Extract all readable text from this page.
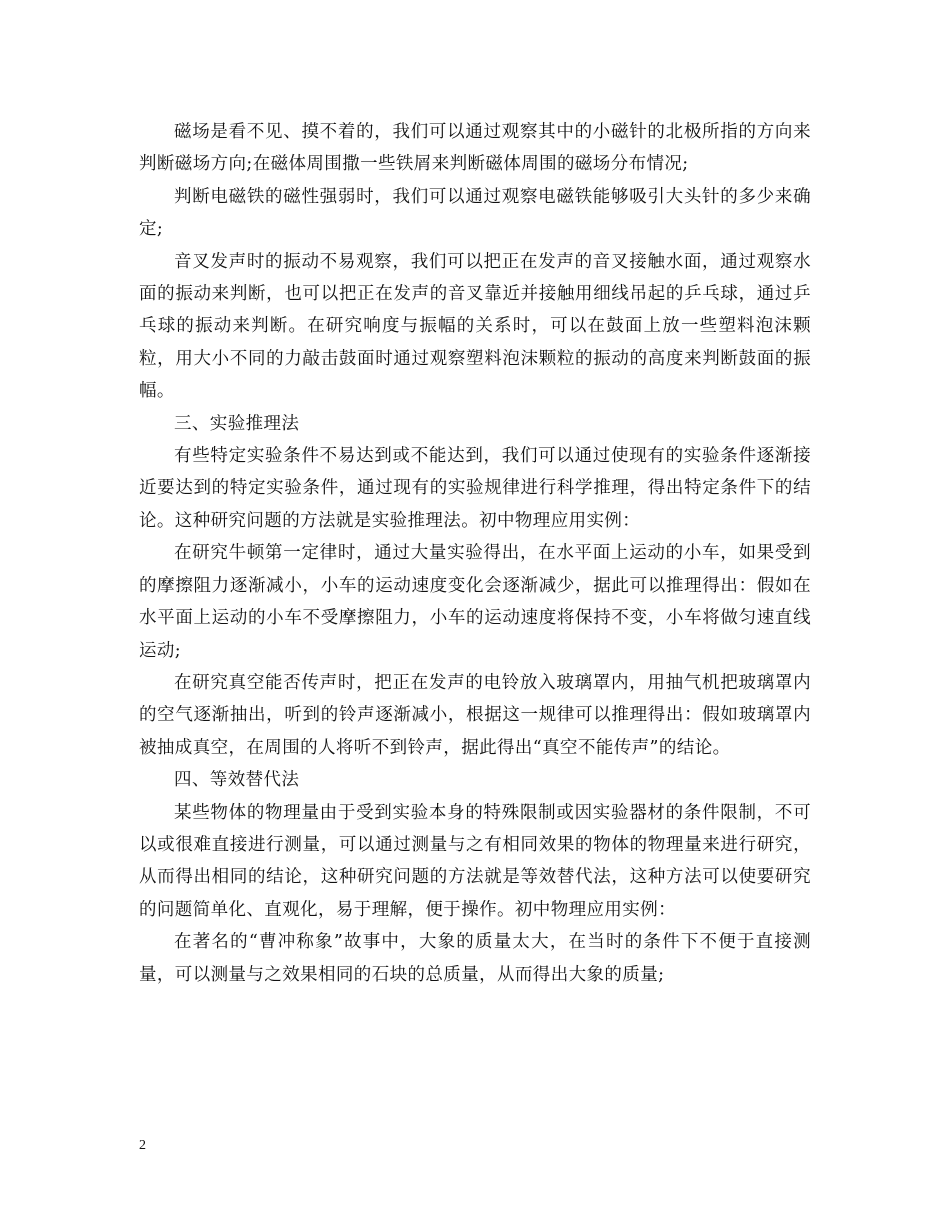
磁场是看不见、摸不着的，我们可以通过观察其中的小磁针的北极所指的方向来判断磁场方向;在磁体周围撒一些铁屑来判断磁体周围的磁场分布情况;

判断电磁铁的磁性强弱时，我们可以通过观察电磁铁能够吸引大头针的多少来确定;

音叉发声时的振动不易观察，我们可以把正在发声的音叉接触水面，通过观察水面的振动来判断，也可以把正在发声的音叉靠近并接触用细线吊起的乒乓球，通过乒乓球的振动来判断。在研究响度与振幅的关系时，可以在鼓面上放一些塑料泡沫颗粒，用大小不同的力敲击鼓面时通过观察塑料泡沫颗粒的振动的高度来判断鼓面的振幅。

三、实验推理法

有些特定实验条件不易达到或不能达到，我们可以通过使现有的实验条件逐渐接近要达到的特定实验条件，通过现有的实验规律进行科学推理，得出特定条件下的结论。这种研究问题的方法就是实验推理法。初中物理应用实例：

在研究牛顿第一定律时，通过大量实验得出，在水平面上运动的小车，如果受到的摩擦阻力逐渐减小，小车的运动速度变化会逐渐减少，据此可以推理得出：假如在水平面上运动的小车不受摩擦阻力，小车的运动速度将保持不变，小车将做匀速直线运动;

在研究真空能否传声时，把正在发声的电铃放入玻璃罩内，用抽气机把玻璃罩内的空气逐渐抽出，听到的铃声逐渐减小，根据这一规律可以推理得出：假如玻璃罩内被抽成真空，在周围的人将听不到铃声，据此得出“真空不能传声”的结论。

四、等效替代法

某些物体的物理量由于受到实验本身的特殊限制或因实验器材的条件限制，不可以或很难直接进行测量，可以通过测量与之有相同效果的物体的物理量来进行研究，从而得出相同的结论，这种研究问题的方法就是等效替代法，这种方法可以使要研究的问题简单化、直观化，易于理解，便于操作。初中物理应用实例：

在著名的“曹冲称象”故事中，大象的质量太大，在当时的条件下不便于直接测量，可以测量与之效果相同的石块的总质量，从而得出大象的质量;

2
